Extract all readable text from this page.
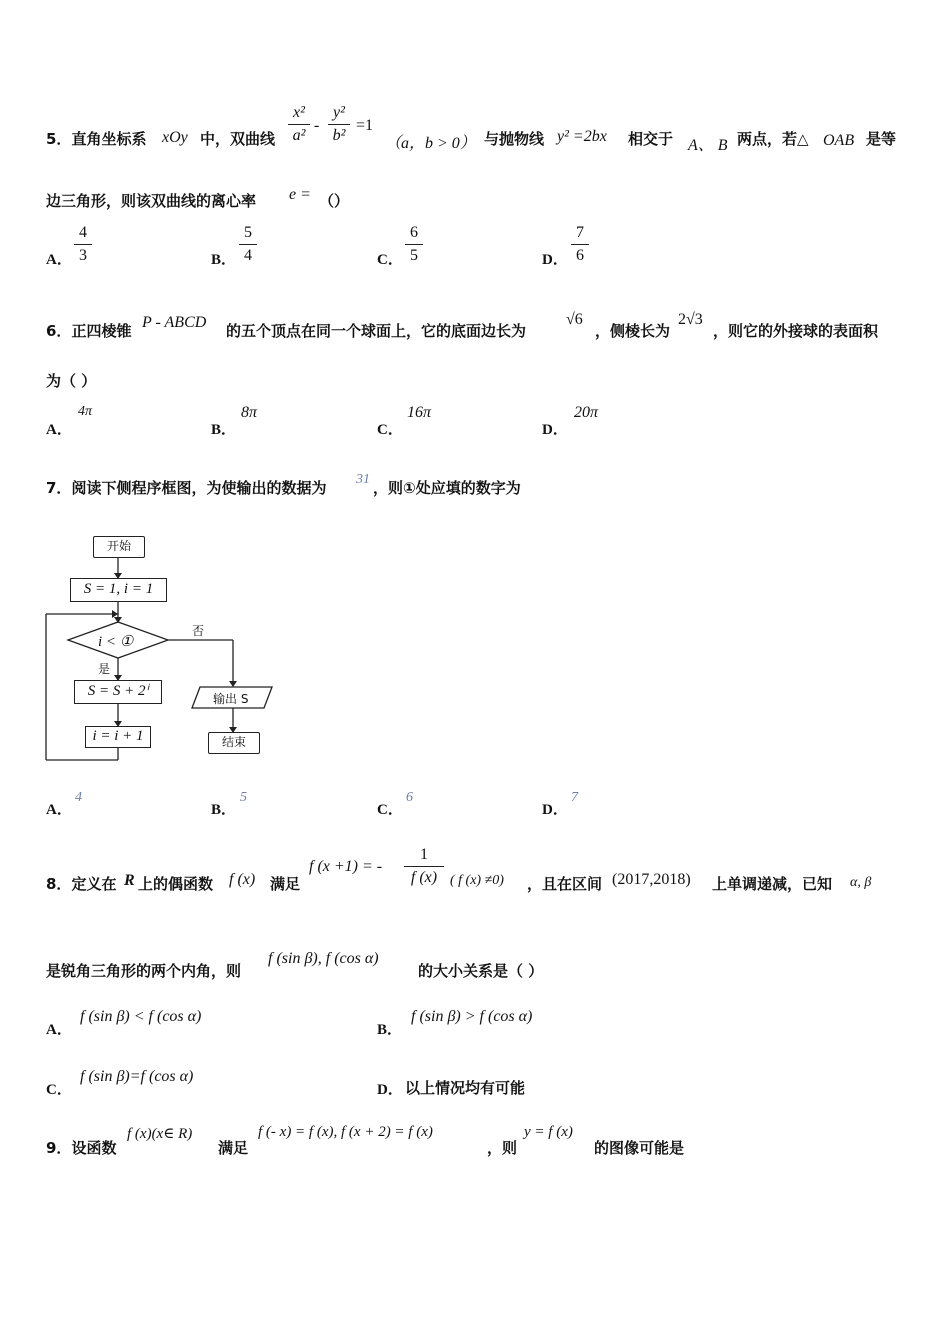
5．直角坐标系 xOy 中，双曲线
x²
a²
-
y²
b²
=1
（a，b > 0） 与抛物线 y² =2bx 相交于 A、 B 两点，若△ OAB 是等
边三角形，则该双曲线的离心率 e = （）
A．
4
3	B．
5
4	C．
6
5	D．
7
6
6．正四棱锥 P - ABCD 的五个顶点在同一个球面上，它的底面边长为
√6
，侧棱长为
2√3
，则它的外接球的表面积
为（ ）
A．
4π
B．
8π
C．
16π
D．
20π
7．阅读下侧程序框图，为使输出的数据为 31 ，则①处应填的数字为
开始
S = 1, i = 1
i < ①
否
是
S = S + 2ⁱ
i = i + 1
输出 S
结束
A．
4
B．
5
C．
6
D．
7
8．定义在 R 上的偶函数 f (x) 满足
f (x +1) = -
1
f (x) ( f (x) ≠0) ，且在区间 (2017,2018) 上单调递减，已知 α, β
是锐角三角形的两个内角，则
f (sin β), f (cos α)
的大小关系是（ ）
A．
f (sin β) < f (cos α)
B．
f (sin β) > f (cos α)
C．
f (sin β)=f (cos α)
D． 以上情况均有可能
9．设函数
f (x)(x∈ R)
满足
f (- x) = f (x), f (x + 2) = f (x)
，则
y = f (x)
的图像可能是
